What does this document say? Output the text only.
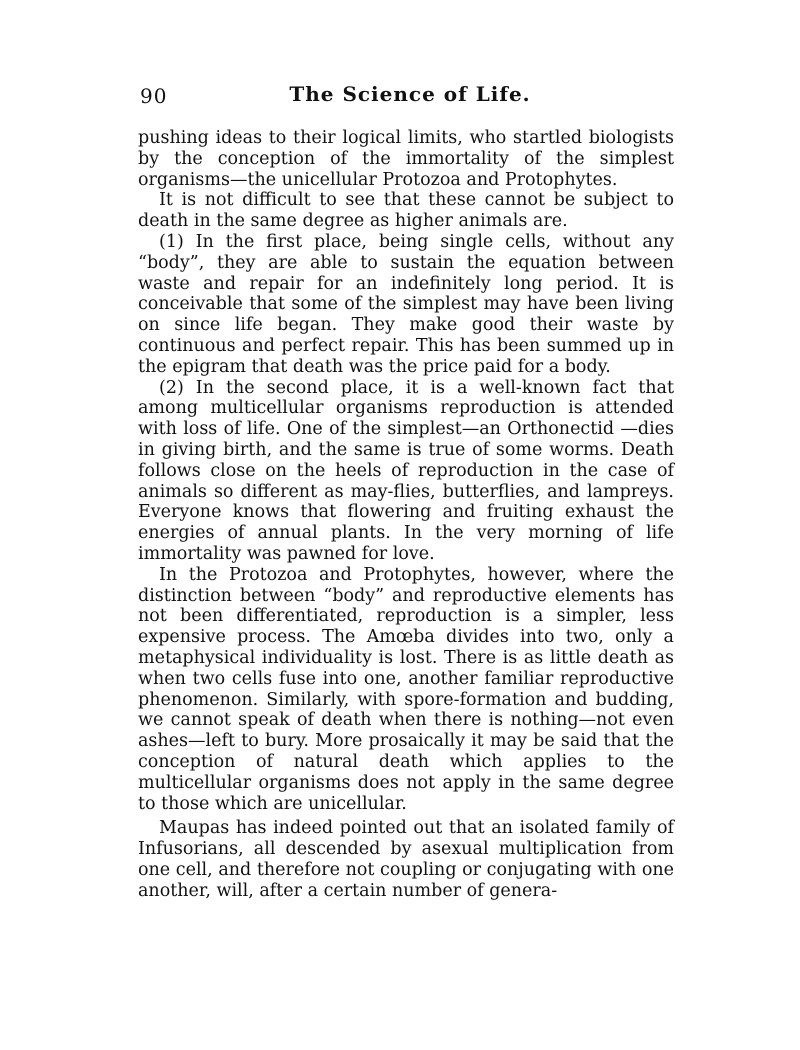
90	The Science of Life.

pushing ideas to their logical limits, who startled biologists by the conception of the immortality of the simplest organisms—the unicellular Protozoa and Protophytes.

It is not difficult to see that these cannot be subject to death in the same degree as higher animals are.

(1) In the first place, being single cells, without any “body”, they are able to sustain the equation between waste and repair for an indefinitely long period. It is conceivable that some of the simplest may have been living on since life began. They make good their waste by continuous and perfect repair. This has been summed up in the epigram that death was the price paid for a body.

(2) In the second place, it is a well-known fact that among multicellular organisms reproduction is attended with loss of life. One of the simplest—an Orthonectid —dies in giving birth, and the same is true of some worms. Death follows close on the heels of reproduction in the case of animals so different as may-flies, butterflies, and lampreys. Everyone knows that flowering and fruiting exhaust the energies of annual plants. In the very morning of life immortality was pawned for love.

In the Protozoa and Protophytes, however, where the distinction between “body” and reproductive elements has not been differentiated, reproduction is a simpler, less expensive process. The Amœba divides into two, only a metaphysical individuality is lost. There is as little death as when two cells fuse into one, another familiar reproductive phenomenon. Similarly, with spore-formation and budding, we cannot speak of death when there is nothing—not even ashes—left to bury. More prosaically it may be said that the conception of natural death which applies to the multicellular organisms does not apply in the same degree to those which are unicellular.

Maupas has indeed pointed out that an isolated family of Infusorians, all descended by asexual multiplication from one cell, and therefore not coupling or conjugating with one another, will, after a certain number of genera-
